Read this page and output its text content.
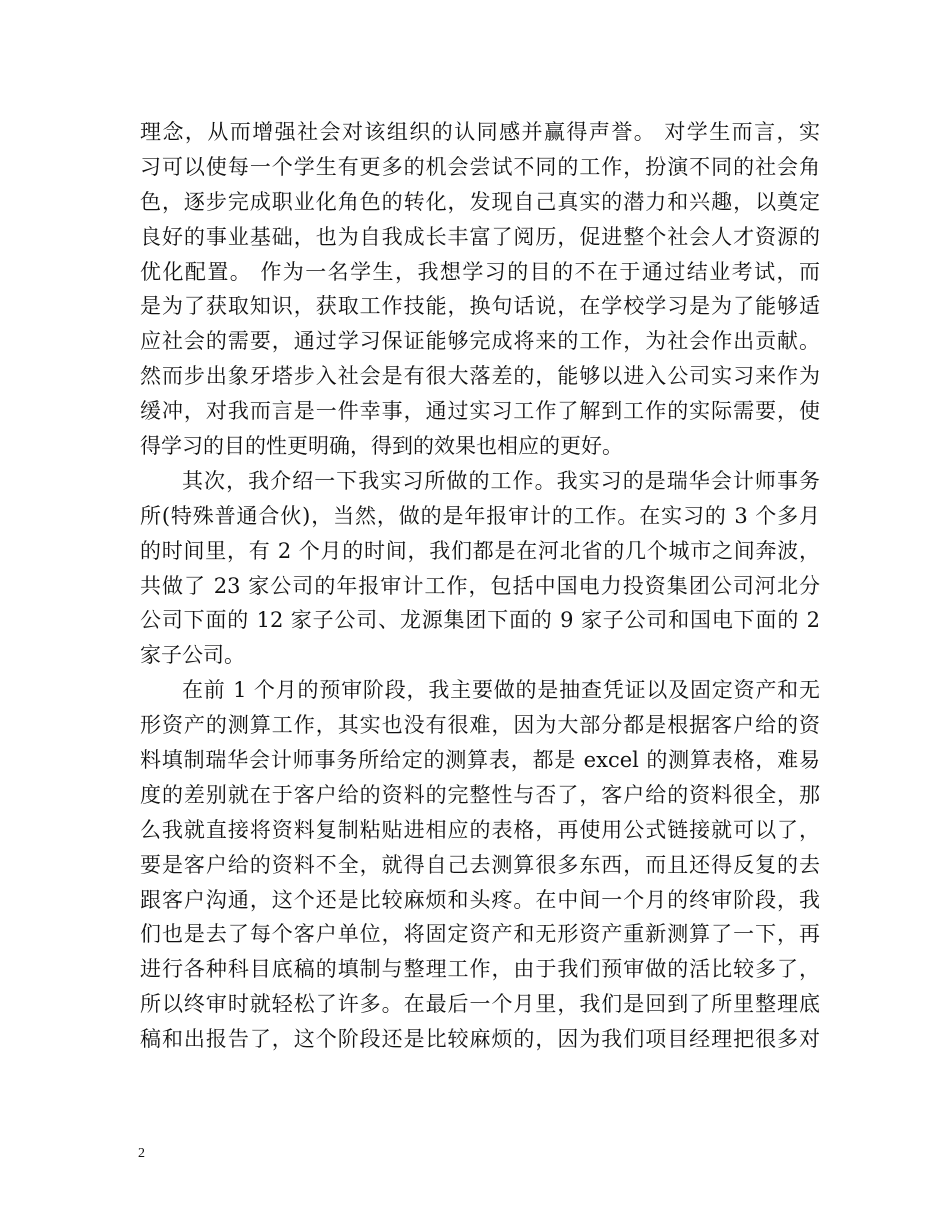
理念，从而增强社会对该组织的认同感并赢得声誉。 对学生而言，实
习可以使每一个学生有更多的机会尝试不同的工作，扮演不同的社会角
色，逐步完成职业化角色的转化，发现自己真实的潜力和兴趣，以奠定
良好的事业基础，也为自我成长丰富了阅历，促进整个社会人才资源的
优化配置。 作为一名学生，我想学习的目的不在于通过结业考试，而
是为了获取知识，获取工作技能，换句话说，在学校学习是为了能够适
应社会的需要，通过学习保证能够完成将来的工作，为社会作出贡献。
然而步出象牙塔步入社会是有很大落差的，能够以进入公司实习来作为
缓冲，对我而言是一件幸事，通过实习工作了解到工作的实际需要，使
得学习的目的性更明确，得到的效果也相应的更好。
其次，我介绍一下我实习所做的工作。我实习的是瑞华会计师事务
所(特殊普通合伙)，当然，做的是年报审计的工作。在实习的 3 个多月
的时间里，有 2 个月的时间，我们都是在河北省的几个城市之间奔波，
共做了 23 家公司的年报审计工作，包括中国电力投资集团公司河北分
公司下面的 12 家子公司、龙源集团下面的 9 家子公司和国电下面的 2
家子公司。
在前 1 个月的预审阶段，我主要做的是抽查凭证以及固定资产和无
形资产的测算工作，其实也没有很难，因为大部分都是根据客户给的资
料填制瑞华会计师事务所给定的测算表，都是 excel 的测算表格，难易
度的差别就在于客户给的资料的完整性与否了，客户给的资料很全，那
么我就直接将资料复制粘贴进相应的表格，再使用公式链接就可以了，
要是客户给的资料不全，就得自己去测算很多东西，而且还得反复的去
跟客户沟通，这个还是比较麻烦和头疼。在中间一个月的终审阶段，我
们也是去了每个客户单位，将固定资产和无形资产重新测算了一下，再
进行各种科目底稿的填制与整理工作，由于我们预审做的活比较多了，
所以终审时就轻松了许多。在最后一个月里，我们是回到了所里整理底
稿和出报告了，这个阶段还是比较麻烦的，因为我们项目经理把很多对
2
